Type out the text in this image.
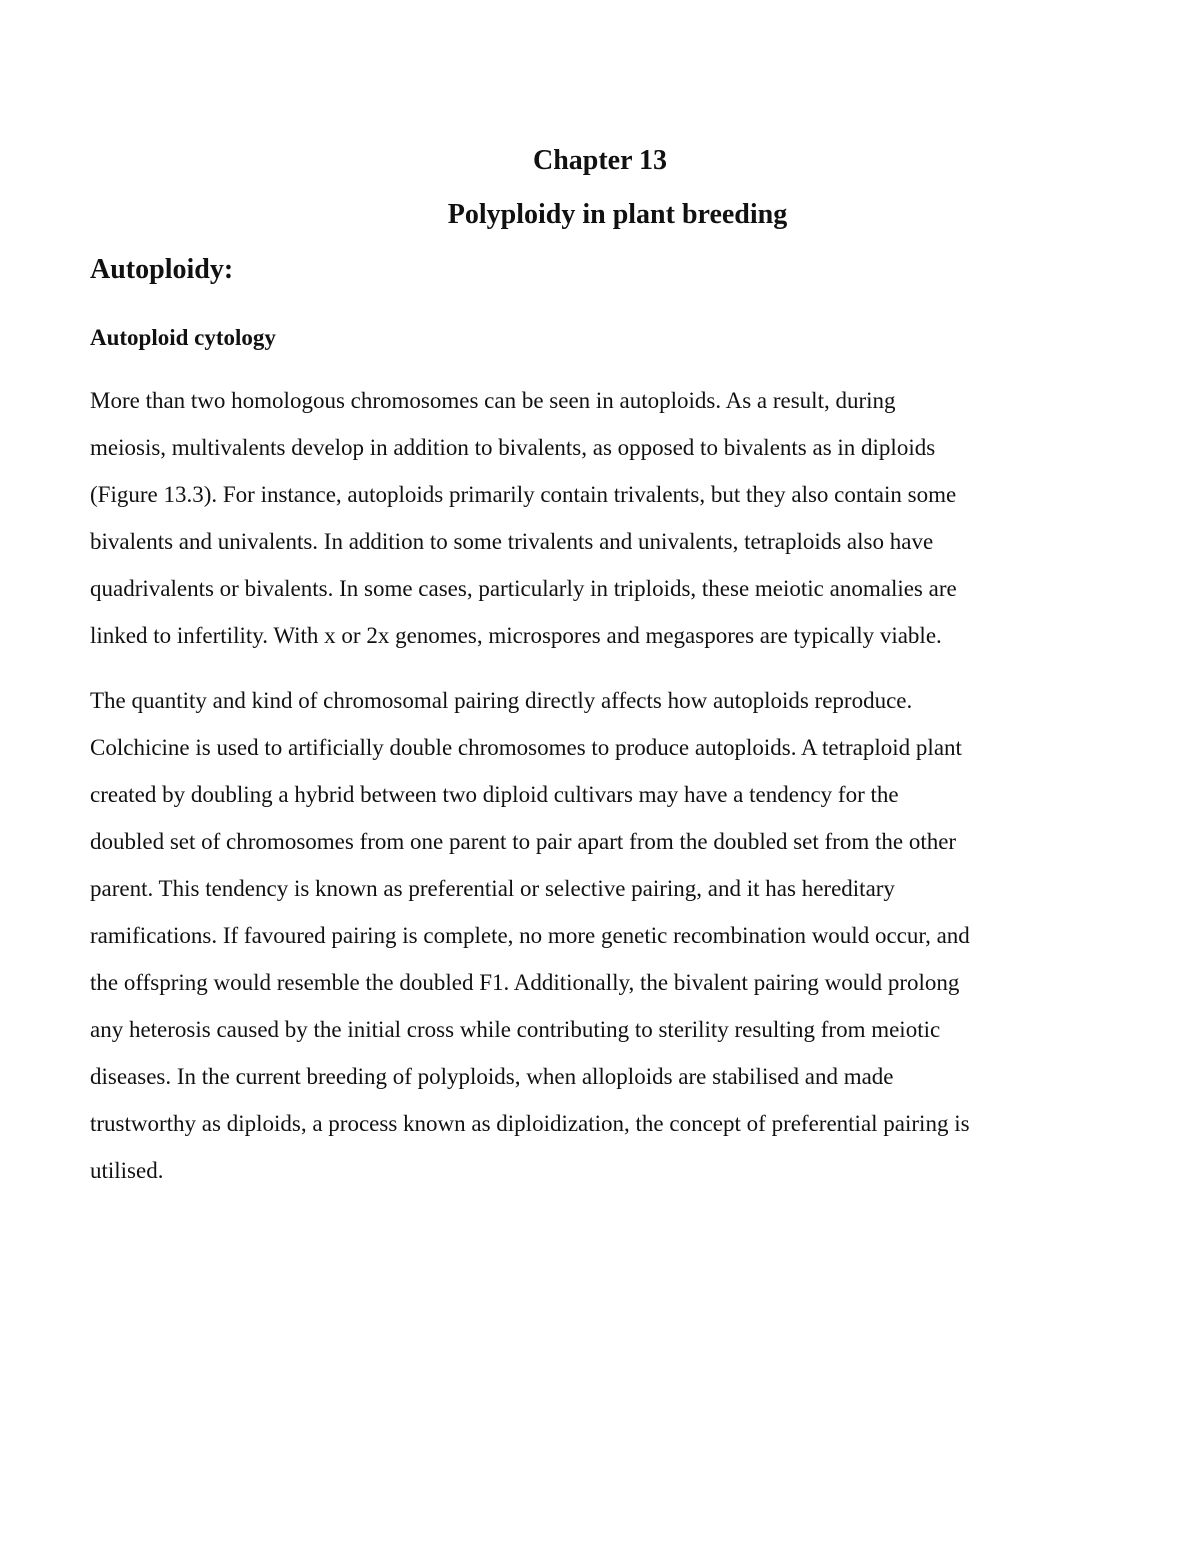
Chapter 13
Polyploidy in plant breeding
Autoploidy:
Autoploid cytology

More than two homologous chromosomes can be seen in autoploids. As a result, during
meiosis, multivalents develop in addition to bivalents, as opposed to bivalents as in diploids
(Figure 13.3). For instance, autoploids primarily contain trivalents, but they also contain some
bivalents and univalents. In addition to some trivalents and univalents, tetraploids also have
quadrivalents or bivalents. In some cases, particularly in triploids, these meiotic anomalies are
linked to infertility. With x or 2x genomes, microspores and megaspores are typically viable.

The quantity and kind of chromosomal pairing directly affects how autoploids reproduce.
Colchicine is used to artificially double chromosomes to produce autoploids. A tetraploid plant
created by doubling a hybrid between two diploid cultivars may have a tendency for the
doubled set of chromosomes from one parent to pair apart from the doubled set from the other
parent. This tendency is known as preferential or selective pairing, and it has hereditary
ramifications. If favoured pairing is complete, no more genetic recombination would occur, and
the offspring would resemble the doubled F1. Additionally, the bivalent pairing would prolong
any heterosis caused by the initial cross while contributing to sterility resulting from meiotic
diseases. In the current breeding of polyploids, when alloploids are stabilised and made
trustworthy as diploids, a process known as diploidization, the concept of preferential pairing is
utilised.
